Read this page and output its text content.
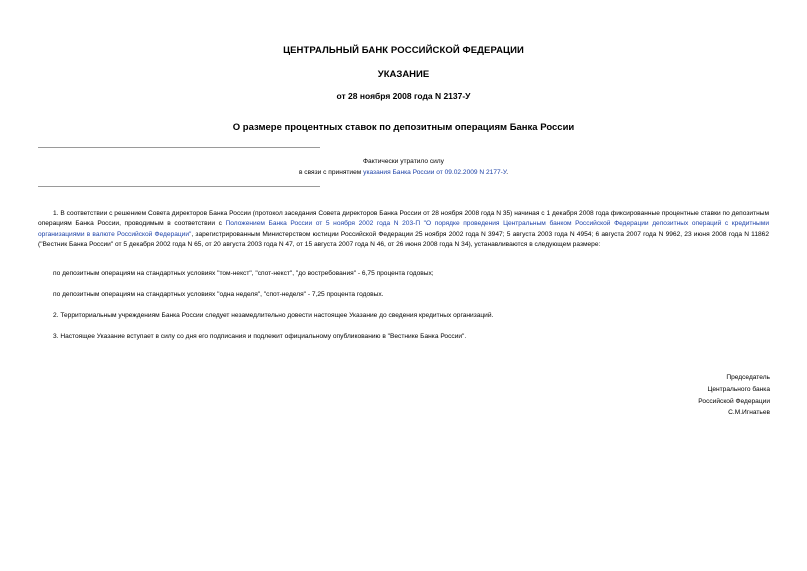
ЦЕНТРАЛЬНЫЙ БАНК РОССИЙСКОЙ ФЕДЕРАЦИИ
УКАЗАНИЕ
от 28 ноября 2008 года N 2137-У
О размере процентных ставок по депозитным операциям Банка России
Фактически утратило силу
в связи с принятием указания Банка России от 09.02.2009 N 2177-У.

1. В соответствии с решением Совета директоров Банка России (протокол заседания Совета директоров Банка России от 28 ноября 2008 года N 35) начиная с 1 декабря 2008 года фиксированные процентные ставки по депозитным операциям Банка России, проводимым в соответствии с Положением Банка России от 5 ноября 2002 года N 203-П "О порядке проведения Центральным банком Российской Федерации депозитных операций с кредитными организациями в валюте Российской Федерации", зарегистрированным Министерством юстиции Российской Федерации 25 ноября 2002 года N 3947; 5 августа 2003 года N 4954; 6 августа 2007 года N 9962, 23 июня 2008 года N 11862 ("Вестник Банка России" от 5 декабря 2002 года N 65, от 20 августа 2003 года N 47, от 15 августа 2007 года N 46, от 26 июня 2008 года N 34), устанавливаются в следующем размере:

по депозитным операциям на стандартных условиях "том-некст", "спот-некст", "до востребования" - 6,75 процента годовых;

по депозитным операциям на стандартных условиях "одна неделя", "спот-неделя" - 7,25 процента годовых.

2. Территориальным учреждениям Банка России следует незамедлительно довести настоящее Указание до сведения кредитных организаций.

3. Настоящее Указание вступает в силу со дня его подписания и подлежит официальному опубликованию в "Вестнике Банка России".

Председатель
Центрального банка
Российской Федерации
С.М.Игнатьев
